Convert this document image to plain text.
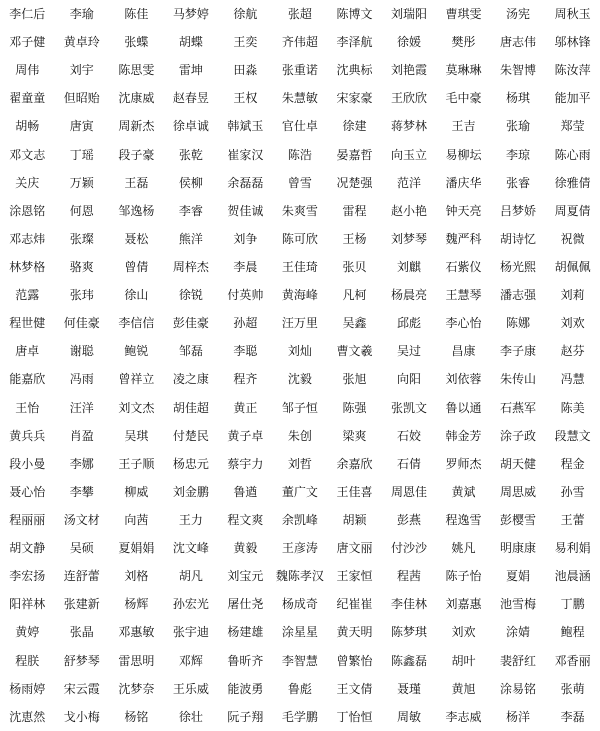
李仁后	李瑜	陈佳	马梦婷	徐航	张超	陈博文	刘瑞阳	曹琪雯	汤宪	周秋玉
邓子健	黄卓玲	张蝶	胡蝶	王奕	齐伟超	李泽航	徐媛	樊彤	唐志伟	邬林锋
周伟	刘宇	陈思雯	雷坤	田淼	张重诺	沈典标	刘艳霞	莫琳琳	朱智博	陈汝萍
翟童童	但昭贻	沈康威	赵春昱	王权	朱慧敏	宋家豪	王欣欣	毛中豪	杨琪	能加平
胡畅	唐寅	周新杰	徐卓诚	韩斌玉	官仕卓	徐建	蒋梦林	王吉	张瑜	郑莹
邓文志	丁瑶	段子豪	张乾	崔家汉	陈浩	晏嘉哲	向玉立	易柳坛	李琼	陈心雨
关庆	万颖	王磊	侯柳	余磊磊	曾雪	况楚强	范洋	潘庆华	张睿	徐雅倩
涂恩铭	何恩	邹逸杨	李睿	贺佳诚	朱爽雪	雷程	赵小艳	钟天亮	吕梦娇	周夏倩
邓志炜	张璨	聂松	熊洋	刘争	陈可欣	王杨	刘梦琴	魏严科	胡诗忆	祝微
林梦格	骆爽	曾倩	周梓杰	李晨	王佳琦	张贝	刘麒	石紫仪	杨光熙	胡佩佩
范露	张玮	徐山	徐锐	付英帅	黄海峰	凡柯	杨晨亮	王慧琴	潘志强	刘莉
程世健	何佳豪	李信信	彭佳豪	孙超	汪万里	吴鑫	邱彪	李心怡	陈娜	刘欢
唐卓	谢聪	鲍锐	邹磊	李聪	刘灿	曹文羲	吴过	昌康	李子康	赵芬
能嘉欣	冯雨	曾祥立	凌之康	程齐	沈毅	张旭	向阳	刘依蓉	朱传山	冯慧
王怡	汪洋	刘文杰	胡佳超	黄正	邹子恒	陈强	张凯文	鲁以通	石燕军	陈美
黄兵兵	肖盈	吴琪	付楚民	黄子卓	朱创	梁爽	石姣	韩金芳	涂子政	段慧文
段小曼	李娜	王子顺	杨忠元	蔡宇力	刘哲	余嘉欣	石倩	罗师杰	胡天健	程金
聂心怡	李攀	柳威	刘金鹏	鲁遒	董广文	王佳喜	周恩佳	黄斌	周思威	孙雪
程丽丽	汤文材	向茜	王力	程文爽	余凯峰	胡颖	彭燕	程逸雪	彭樱雪	王蕾
胡文静	吴硕	夏娟娟	沈文峰	黄毅	王彦涛	唐文丽	付沙沙	姚凡	明康康	易利娟
李宏扬	连舒蕾	刘格	胡凡	刘宝元	魏陈孝汉	王家恒	程茜	陈子怡	夏娟	池晨涵
阳祥林	张建新	杨辉	孙宏光	屠仕尧	杨成奇	纪崔崔	李佳林	刘嘉惠	池雪梅	丁鹏
黄婷	张晶	邓惠敏	张宇迪	杨建雄	涂星星	黄天明	陈梦琪	刘欢	涂婧	鲍程
程朕	舒梦琴	雷思明	邓辉	鲁昕齐	李智慧	曾繁怡	陈鑫磊	胡叶	裴舒红	邓香丽
杨雨婷	宋云霞	沈梦奈	王乐威	能波勇	鲁彪	王文倩	聂瑾	黄旭	涂易铭	张萌
沈恵然	戈小梅	杨铭	徐壮	阮子翔	毛学鹏	丁怡恒	周敏	李志威	杨洋	李磊
